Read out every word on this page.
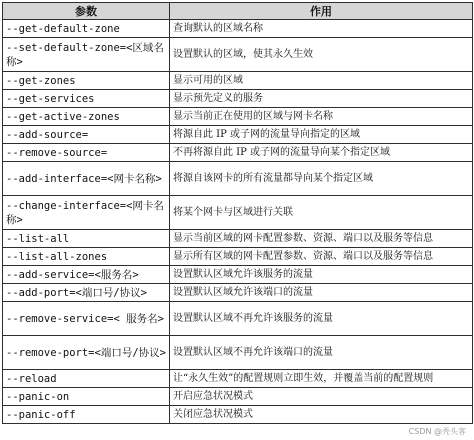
参数	作用
--get-default-zone	查询默认的区域名称
--set-default-zone=<区域名称>	设置默认的区域，使其永久生效
--get-zones	显示可用的区域
--get-services	显示预先定义的服务
--get-active-zones	显示当前正在使用的区域与网卡名称
--add-source=	将源自此 IP 或子网的流量导向指定的区域
--remove-source=	不再将源自此 IP 或子网的流量导向某个指定区域
--add-interface=<网卡名称>	将源自该网卡的所有流量都导向某个指定区域
--change-interface=<网卡名称>	将某个网卡与区域进行关联
--list-all	显示当前区域的网卡配置参数、资源、端口以及服务等信息
--list-all-zones	显示所有区域的网卡配置参数、资源、端口以及服务等信息
--add-service=<服务名>	设置默认区域允许该服务的流量
--add-port=<端口号/协议>	设置默认区域允许该端口的流量
--remove-service=< 服务名>	设置默认区域不再允许该服务的流量
--remove-port=<端口号/协议>	设置默认区域不再允许该端口的流量
--reload	让“永久生效”的配置规则立即生效，并覆盖当前的配置规则
--panic-on	开启应急状况模式
--panic-off	关闭应急状况模式
CSDN @秃头客
